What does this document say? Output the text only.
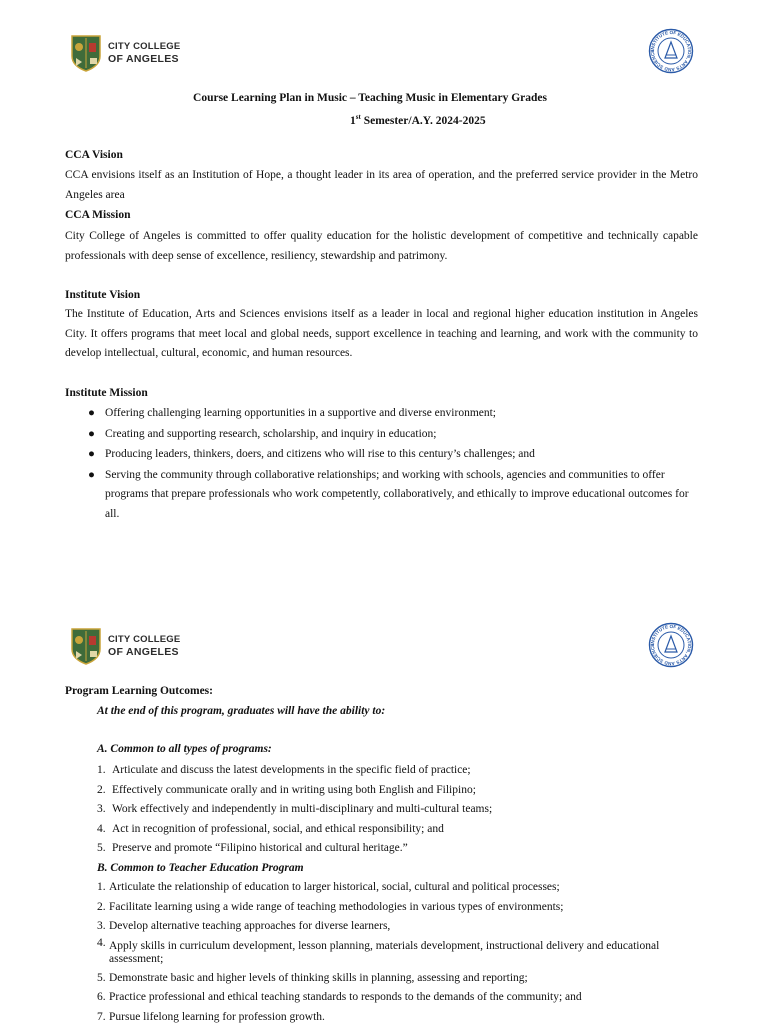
CITY COLLEGE
OF ANGELES
INSTITUTE OF EDUCATION, ARTS AND SCIENCE
Course Learning Plan in Music – Teaching Music in Elementary Grades
1st Semester/A.Y. 2024-2025
CCA Vision
CCA envisions itself as an Institution of Hope, a thought leader in its area of operation, and the preferred service provider in the Metro Angeles area
CCA Mission
City College of Angeles is committed to offer quality education for the holistic development of competitive and technically capable professionals with deep sense of excellence, resiliency, stewardship and patrimony.
Institute Vision
The Institute of Education, Arts and Sciences envisions itself as a leader in local and regional higher education institution in Angeles City. It offers programs that meet local and global needs, support excellence in teaching and learning, and work with the community to develop intellectual, cultural, economic, and human resources.
Institute Mission
● Offering challenging learning opportunities in a supportive and diverse environment;
● Creating and supporting research, scholarship, and inquiry in education;
● Producing leaders, thinkers, doers, and citizens who will rise to this century’s challenges; and
● Serving the community through collaborative relationships; and working with schools, agencies and communities to offer programs that prepare professionals who work competently, collaboratively, and ethically to improve educational outcomes for all.
CITY COLLEGE
OF ANGELES
INSTITUTE OF EDUCATION, ARTS AND SCIENCE
Program Learning Outcomes:
At the end of this program, graduates will have the ability to:
A. Common to all types of programs:
1. Articulate and discuss the latest developments in the specific field of practice;
2. Effectively communicate orally and in writing using both English and Filipino;
3. Work effectively and independently in multi-disciplinary and multi-cultural teams;
4. Act in recognition of professional, social, and ethical responsibility; and
5. Preserve and promote “Filipino historical and cultural heritage.”
B. Common to Teacher Education Program
1. Articulate the relationship of education to larger historical, social, cultural and political processes;
2. Facilitate learning using a wide range of teaching methodologies in various types of environments;
3. Develop alternative teaching approaches for diverse learners,
4. Apply skills in curriculum development, lesson planning, materials development, instructional delivery and educational assessment;
5. Demonstrate basic and higher levels of thinking skills in planning, assessing and reporting;
6. Practice professional and ethical teaching standards to responds to the demands of the community; and
7. Pursue lifelong learning for profession growth.
